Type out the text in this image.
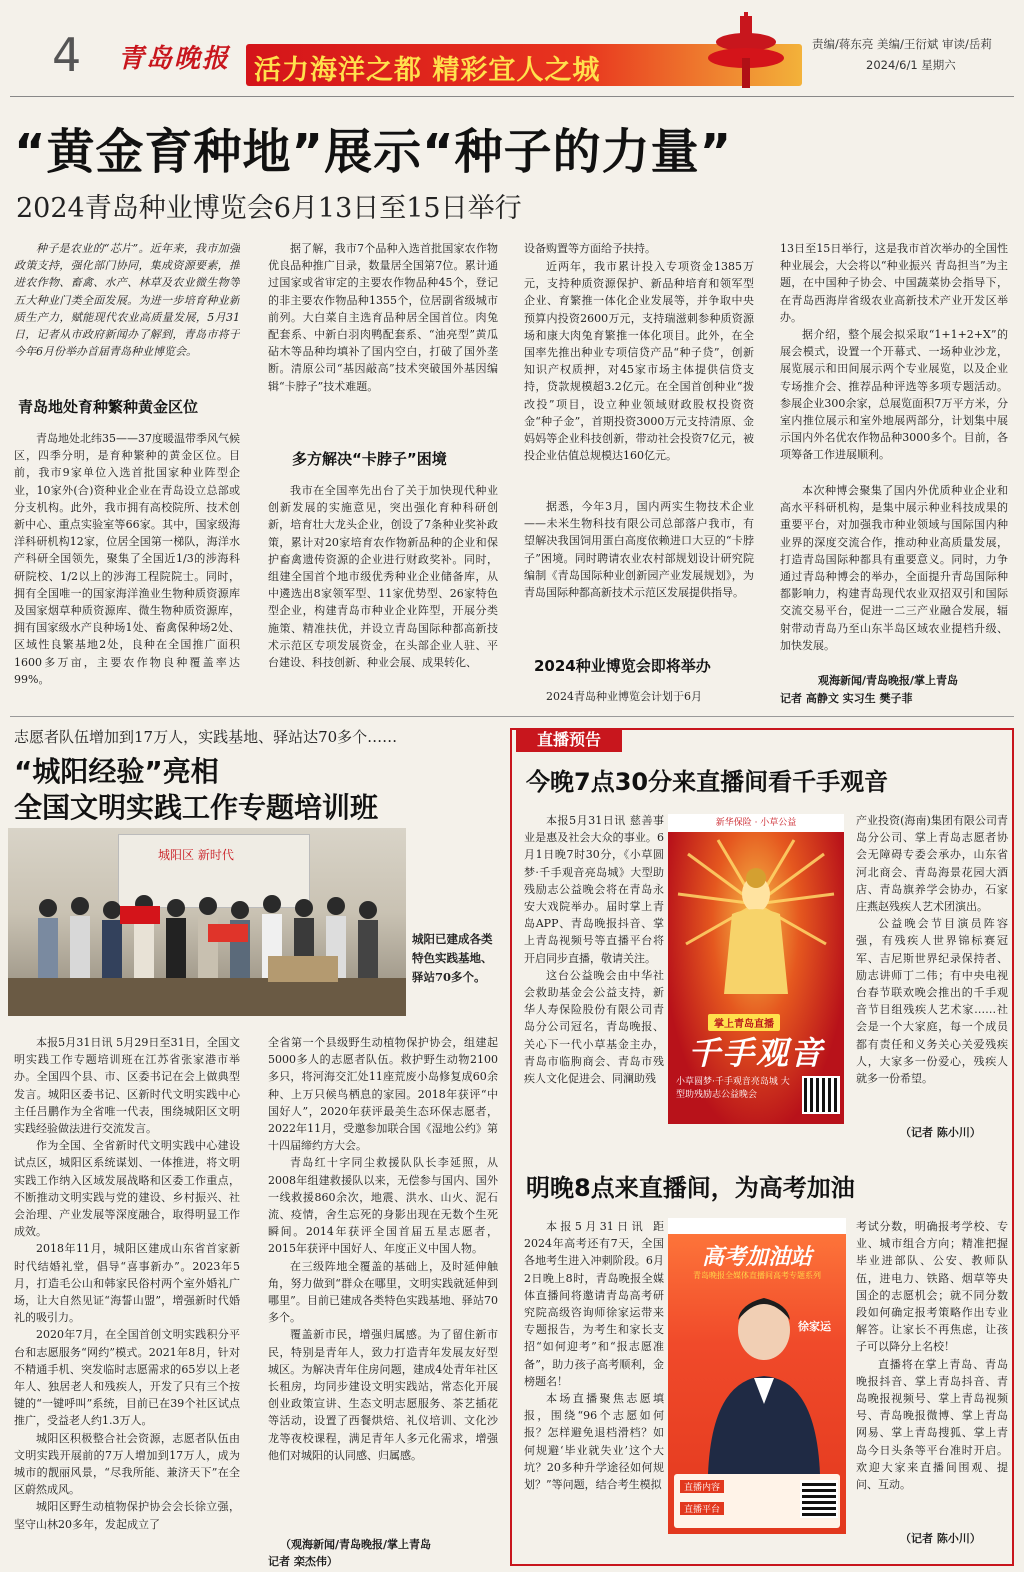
4 青岛晚报 活力海洋之都 精彩宜人之城
责编/蒋东亮 美编/王衍斌 审读/岳莉
2024/6/1 星期六
“黄金育种地”展示“种子的力量”
2024青岛种业博览会6月13日至15日举行

种子是农业的“芯片”。近年来，我市加强政策支持，强化部门协同，集成资源要素，推进农作物、畜禽、水产、林草及农业微生物等五大种业门类全面发展。为进一步培育种业新质生产力，赋能现代农业高质量发展，5月31日，记者从市政府新闻办了解到，青岛市将于今年6月份举办首届青岛种业博览会。

青岛地处育种繁种黄金区位

青岛地处北纬35——37度暖温带季风气候区，四季分明，是育种繁种的黄金区位。目前，我市9家单位入选首批国家种业阵型企业，10家外(合)资种业企业在青岛设立总部或分支机构。此外，我市拥有高校院所、技术创新中心、重点实验室等66家。其中，国家级海洋科研机构12家，位居全国第一梯队，海洋水产科研全国领先，聚集了全国近1/3的涉海科研院校、1/2以上的涉海工程院院士。同时，拥有全国唯一的国家海洋渔业生物种质资源库及国家烟草种质资源库、微生物种质资源库，拥有国家级水产良种场1处、畜禽保种场2处、区域性良繁基地2处，良种在全国推广面积1600多万亩，主要农作物良种覆盖率达99%。

据了解，我市7个品种入选首批国家农作物优良品种推广目录，数量居全国第7位。累计通过国家或省审定的主要农作物品种45个，登记的非主要农作物品种1355个，位居副省级城市前列。大白菜自主选育品种居全国首位。肉兔配套系、中新白羽肉鸭配套系、“油亮型”黄瓜砧木等品种均填补了国内空白，打破了国外垄断。清原公司“基因敲高”技术突破国外基因编辑“卡脖子”技术难题。

多方解决“卡脖子”困境

我市在全国率先出台了关于加快现代种业创新发展的实施意见，突出强化育种科研创新，培育壮大龙头企业，创设了7条种业奖补政策，累计对20家培育农作物新品种的企业和保护畜禽遗传资源的企业进行财政奖补。同时，组建全国首个地市级优秀种业企业储备库，从中遴选出8家领军型、11家优势型、26家特色型企业，构建青岛市种业企业阵型，开展分类施策、精准扶优，并设立青岛国际种都高新技术示范区专项发展资金，在头部企业人驻、平台建设、科技创新、种业会展、成果转化、

设备购置等方面给予扶持。

近两年，我市累计投入专项资金1385万元，支持种质资源保护、新品种培育和领军型企业、育繁推一体化企业发展等，并争取中央预算内投资2600万元，支持瑞滋刺参种质资源场和康大肉兔育繁推一体化项目。此外，在全国率先推出种业专项信贷产品“种子贷”，创新知识产权质押，对45家市场主体提供信贷支持，贷款规模超3.2亿元。在全国首创种业“拨改投”项目，设立种业领域财政股权投资资金“种子金”，首期投资3000万元支持清原、金妈妈等企业科技创新，带动社会投资7亿元，被投企业估值总规模达160亿元。

据悉，今年3月，国内两实生物技术企业——未米生物科技有限公司总部落户我市，有望解决我国饲用蛋白高度依赖进口大豆的“卡脖子”困境。同时聘请农业农村部规划设计研究院编制《青岛国际种业创新园产业发展规划》，为青岛国际种都高新技术示范区发展提供指导。

2024种业博览会即将举办

2024青岛种业博览会计划于6月

13日至15日举行，这是我市首次举办的全国性种业展会，大会将以“种业振兴 青岛担当”为主题，在中国种子协会、中国蔬菜协会指导下，在青岛西海岸省级农业高新技术产业开发区举办。

据介绍，整个展会拟采取“1+1+2+X”的展会模式，设置一个开幕式、一场种业沙龙，展览展示和田间展示两个专业展览，以及企业专场推介会、推荐品种评选等多项专题活动。参展企业300余家，总展览面积7万平方米，分室内推位展示和室外地展两部分，计划集中展示国内外名优农作物品种3000多个。目前，各项筹备工作进展顺利。

本次种博会聚集了国内外优质种业企业和高水平科研机构，是集中展示种业科技成果的重要平台，对加强我市种业领域与国际国内种业界的深度交流合作，推动种业高质量发展，打造青岛国际种都具有重要意义。同时，力争通过青岛种博会的举办，全面提升青岛国际种都影响力，构建青岛现代农业双招双引和国际交流交易平台，促进一二三产业融合发展，辐射带动青岛乃至山东半岛区域农业提档升级、加快发展。

观海新闻/青岛晚报/掌上青岛
记者 高静文 实习生 樊子菲
志愿者队伍增加到17万人，实践基地、驿站达70多个……
“城阳经验”亮相
全国文明实践工作专题培训班
城阳区 新时代
城阳已建成各类特色实践基地、驿站70多个。

本报5月31日讯 5月29日至31日，全国文明实践工作专题培训班在江苏省张家港市举办。全国四个县、市、区委书记在会上做典型发言。城阳区委书记、区新时代文明实践中心主任吕鹏作为全省唯一代表，围绕城阳区文明实践经验做法进行交流发言。

作为全国、全省新时代文明实践中心建设试点区，城阳区系统谋划、一体推进，将文明实践工作纳入区域发展战略和区委工作重点，不断推动文明实践与党的建设、乡村振兴、社会治理、产业发展等深度融合，取得明显工作成效。

2018年11月，城阳区建成山东省首家新时代结婚礼堂，倡导“喜事新办”。2023年5月，打造毛公山和韩家民俗村两个室外婚礼广场，让大自然见证“海誓山盟”，增强新时代婚礼的吸引力。

2020年7月，在全国首创文明实践积分平台和志愿服务“网约”模式。2021年8月，针对不精通手机、突发临时志愿需求的65岁以上老年人、独居老人和残疾人，开发了只有三个按键的“一键呼叫”系统，目前已在39个社区试点推广，受益老人约1.3万人。

城阳区积极整合社会资源，志愿者队伍由文明实践开展前的7万人增加到17万人，成为城市的靓丽风景，“尽我所能、兼济天下”在全区蔚然成风。

城阳区野生动植物保护协会会长徐立强，坚守山林20多年，发起成立了

全省第一个县级野生动植物保护协会，组建起5000多人的志愿者队伍。救护野生动物2100多只，将河海交汇处11座荒废小岛修复成60余种、上万只候鸟栖息的家园。2018年获评“中国好人”，2020年获评最美生态环保志愿者，2022年11月，受邀参加联合国《湿地公约》第十四届缔约方大会。

青岛红十字同尘救援队队长李延照，从2008年组建救援队以来，无偿参与国内、国外一线救援860余次，地震、洪水、山火、泥石流、疫情，舍生忘死的身影出现在无数个生死瞬间。2014年获评全国首届五星志愿者，2015年获评中国好人、年度正义中国人物。

在三级阵地全覆盖的基础上，及时延伸触角，努力做到“群众在哪里，文明实践就延伸到哪里”。目前已建成各类特色实践基地、驿站70多个。

覆盖新市民，增强归属感。为了留住新市民，特别是青年人，致力打造青年发展友好型城区。为解决青年住房问题，建成4处青年社区长租房，均同步建设文明实践站，常态化开展创业政策宣讲、生态文明志愿服务、茶艺插花等活动，设置了西餐烘焙、礼仪培训、文化沙龙等夜校课程，满足青年人多元化需求，增强他们对城阳的认同感、归属感。

（观海新闻/青岛晚报/掌上青岛
记者 栾杰伟）
直播预告
今晚7点30分来直播间看千手观音

本报5月31日讯 慈善事业是惠及社会大众的事业。6月1日晚7时30分，《小草圆梦·千手观音亮岛城》大型助残励志公益晚会将在青岛永安大戏院举办。届时掌上青岛APP、青岛晚报抖音、掌上青岛视频号等直播平台将开启同步直播，敬请关注。

这台公益晚会由中华社会救助基金会公益支持，新华人寿保险股份有限公司青岛分公司冠名，青岛晚报、关心下一代小草基金主办，青岛市临朐商会、青岛市残疾人文化促进会、同澜助残

新华保险 · 小草公益
掌上青岛直播
千手观音
小草圆梦·千手观音亮岛城 大型助残励志公益晚会

产业投资(海南)集团有限公司青岛分公司、掌上青岛志愿者协会无障碍专委会承办，山东省河北商会、青岛海景花园大酒店、青岛旗养学会协办，石家庄燕赵残疾人艺术团演出。

公益晚会节目演员阵容强，有残疾人世界锦标赛冠军、吉尼斯世界纪录保持者、励志讲师丁二伟；有中央电视台春节联欢晚会推出的千手观音节目组残疾人艺术家……社会是一个大家庭，每一个成员都有责任和义务关心关爱残疾人，大家多一份爱心，残疾人就多一份希望。

（记者 陈小川）
明晚8点来直播间，为高考加油

本报5月31日讯 距2024年高考还有7天，全国各地考生进入冲刺阶段。6月2日晚上8时，青岛晚报全媒体直播间将邀请青岛高考研究院高级咨询师徐家运带来专题报告，为考生和家长支招“如何迎考”和“报志愿准备”，助力孩子高考顺利，金榜题名！

本场直播聚焦志愿填报，围绕“96个志愿如何报？怎样避免退档滑档？如何规避‘毕业就失业’这个大坑？20多种升学途径如何规划？”等问题，结合考生模拟

高考加油站
青岛晚报全媒体直播间高考专题系列
徐家运
直播内容
直播平台

考试分数，明确报考学校、专业、城市组合方向；精准把握毕业进部队、公安、教师队伍，进电力、铁路、烟草等央国企的志愿机会；就不同分数段如何确定报考策略作出专业解答。让家长不再焦虑，让孩子可以降分上名校！

直播将在掌上青岛、青岛晚报抖音、掌上青岛抖音、青岛晚报视频号、掌上青岛视频号、青岛晚报微博、掌上青岛网易、掌上青岛搜狐、掌上青岛今日头条等平台准时开启。欢迎大家来直播间围观、提问、互动。

（记者 陈小川）
